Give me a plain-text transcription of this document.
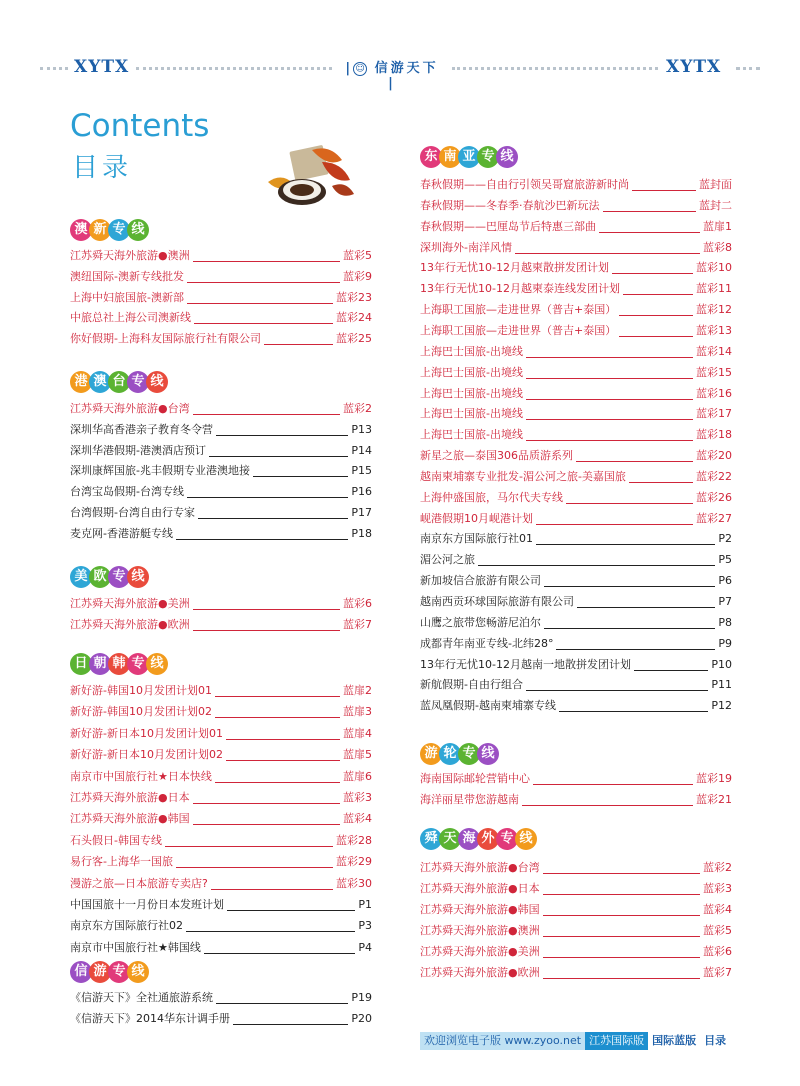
XYTX	| ☺ 信游天下 |
XYTX
Contents
目录
澳 新 专 线
江苏舜天海外旅游●澳洲	蓝彩5
澳纽国际-澳新专线批发	蓝彩9
上海中妇旅国旅-澳新部	蓝彩23
中旅总社上海公司澳新线	蓝彩24
你好假期-上海科友国际旅行社有限公司	蓝彩25
港 澳 台 专 线
江苏舜天海外旅游●台湾	蓝彩2
深圳华高香港亲子教育冬令营	P13
深圳华港假期-港澳酒店预订	P14
深圳康辉国旅-兆丰假期专业港澳地接	P15
台湾宝岛假期-台湾专线	P16
台湾假期-台湾自由行专家	P17
麦克网-香港游艇专线	P18
美 欧 专 线
江苏舜天海外旅游●美洲	蓝彩6
江苏舜天海外旅游●欧洲	蓝彩7
日 朝 韩 专 线
新好游-韩国10月发团计划01	蓝扉2
新好游-韩国10月发团计划02	蓝扉3
新好游-新日本10月发团计划01	蓝扉4
新好游-新日本10月发团计划02	蓝扉5
南京市中国旅行社★日本快线	蓝扉6
江苏舜天海外旅游●日本	蓝彩3
江苏舜天海外旅游●韩国	蓝彩4
石头假日-韩国专线	蓝彩28
易行客-上海华一国旅	蓝彩29
漫游之旅—日本旅游专卖店?	蓝彩30
中国国旅十一月份日本发班计划	P1
南京东方国际旅行社02	P3
南京市中国旅行社★韩国线	P4
信 游 专 线
《信游天下》全社通旅游系统	P19
《信游天下》2014华东计调手册	P20
东 南 亚 专 线
春秋假期——自由行引领吴哥窟旅游新时尚	蓝封面
春秋假期——冬春季·春航沙巴新玩法	蓝封二
春秋假期——巴厘岛节后特惠三部曲	蓝扉1
深圳海外-南洋风情	蓝彩8
13年行无忧10-12月越柬散拼发团计划	蓝彩10
13年行无忧10-12月越柬泰连线发团计划	蓝彩11
上海职工国旅—走进世界（普吉+泰国）	蓝彩12
上海职工国旅—走进世界（普吉+泰国）	蓝彩13
上海巴士国旅-出境线	蓝彩14
上海巴士国旅-出境线	蓝彩15
上海巴士国旅-出境线	蓝彩16
上海巴士国旅-出境线	蓝彩17
上海巴士国旅-出境线	蓝彩18
新星之旅—泰国306品质游系列	蓝彩20
越南柬埔寨专业批发-湄公河之旅-美嘉国旅	蓝彩22
上海仲盛国旅，马尔代夫专线	蓝彩26
岘港假期10月岘港计划	蓝彩27
南京东方国际旅行社01	P2
湄公河之旅	P5
新加坡信合旅游有限公司	P6
越南西贡环球国际旅游有限公司	P7
山鹰之旅带您畅游尼泊尔	P8
成都青年南亚专线-北纬28°	P9
13年行无忧10-12月越南一地散拼发团计划	P10
新航假期-自由行组合	P11
蓝凤凰假期-越南柬埔寨专线	P12
游 轮 专 线
海南国际邮轮营销中心	蓝彩19
海洋丽星带您游越南	蓝彩21
舜 天 海 外 专 线
江苏舜天海外旅游●台湾	蓝彩2
江苏舜天海外旅游●日本	蓝彩3
江苏舜天海外旅游●韩国	蓝彩4
江苏舜天海外旅游●澳洲	蓝彩5
江苏舜天海外旅游●美洲	蓝彩6
江苏舜天海外旅游●欧洲	蓝彩7
欢迎浏览电子版 www.zyoo.net 江苏国际版 国际蓝版 目录
